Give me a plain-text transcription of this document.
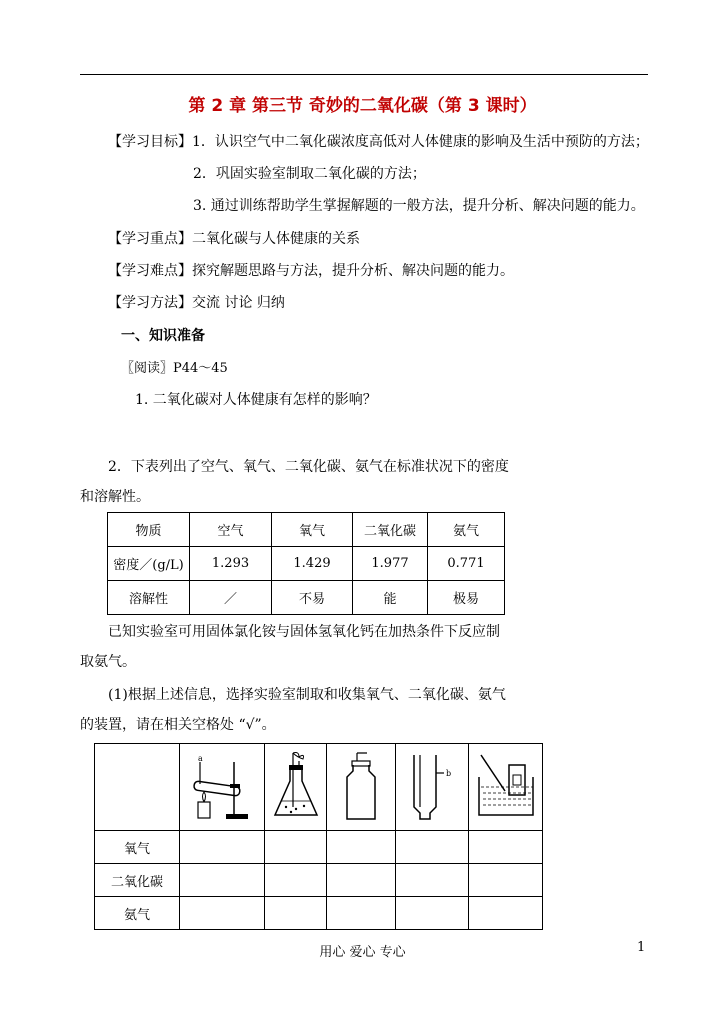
第 2 章 第三节 奇妙的二氧化碳（第 3 课时）
【学习目标】1．认识空气中二氧化碳浓度高低对人体健康的影响及生活中预防的方法；
2．巩固实验室制取二氧化碳的方法；
3. 通过训练帮助学生掌握解题的一般方法，提升分析、解决问题的能力。
【学习重点】二氧化碳与人体健康的关系
【学习难点】探究解题思路与方法，提升分析、解决问题的能力。
【学习方法】交流 讨论 归纳
一、知识准备
〖阅读〗P44～45
1. 二氧化碳对人体健康有怎样的影响？
2．下表列出了空气、氧气、二氧化碳、氨气在标准状况下的密度
和溶解性。
物质	空气	氧气	二氧化碳	氨气
密度／(g/L)	1.293	1.429	1.977	0.771
溶解性	／	不易	能	极易
已知实验室可用固体氯化铵与固体氢氧化钙在加热条件下反应制
取氨气。
(1)根据上述信息，选择实验室制取和收集氧气、二氧化碳、氨气
的装置，请在相关空格处 “√”。

a			b

氧气					
二氧化碳					
氨气					
用心 爱心 专心	1
